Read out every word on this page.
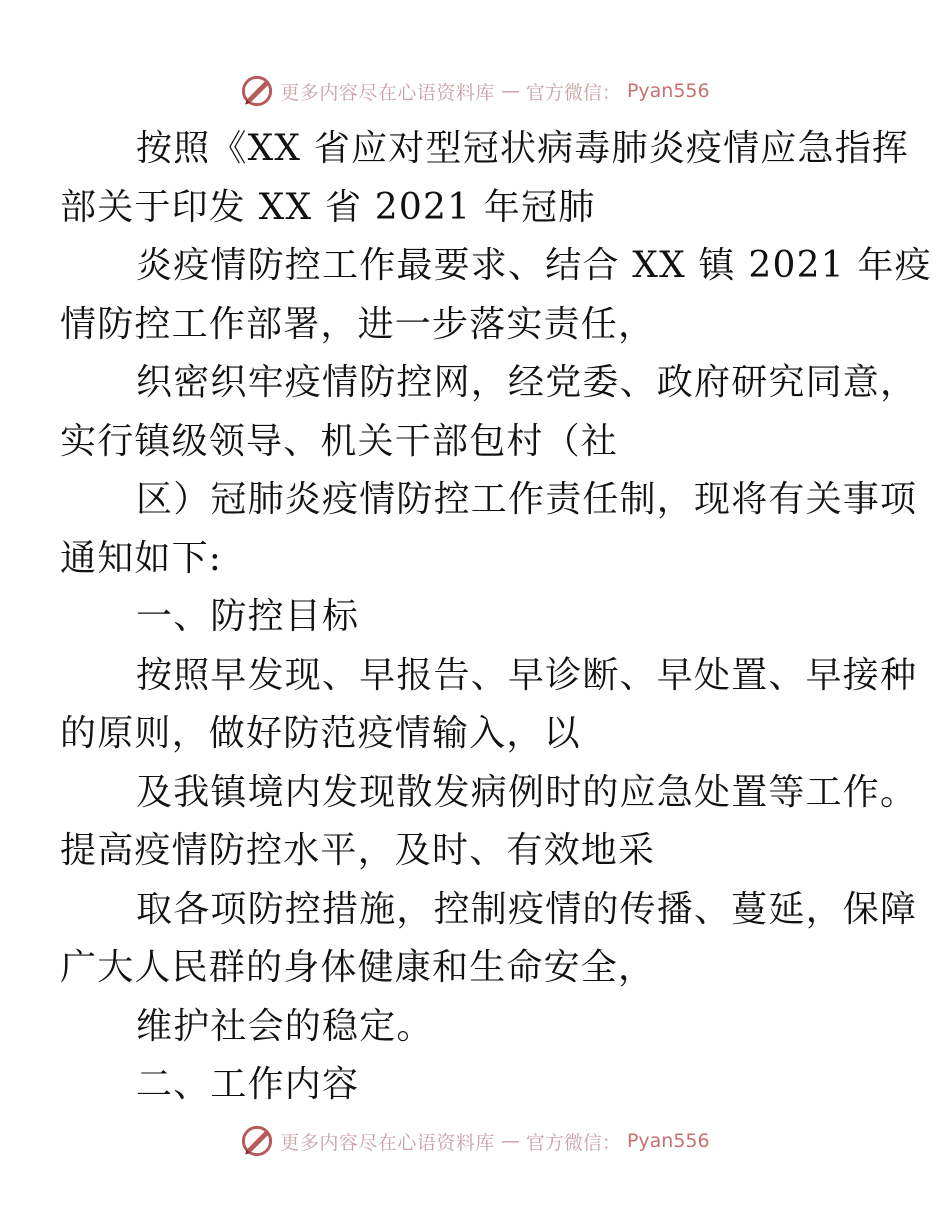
更多内容尽在心语资料库 — 官方微信： Pyan556

按照《XX 省应对型冠状病毒肺炎疫情应急指挥
部关于印发 XX 省 2021 年冠肺

炎疫情防控工作最要求、结合 XX 镇 2021 年疫
情防控工作部署，进一步落实责任，

织密织牢疫情防控网，经党委、政府研究同意，
实行镇级领导、机关干部包村（社

区）冠肺炎疫情防控工作责任制，现将有关事项
通知如下:

一、防控目标

按照早发现、早报告、早诊断、早处置、早接种
的原则，做好防范疫情输入，以

及我镇境内发现散发病例时的应急处置等工作。
提高疫情防控水平，及时、有效地采

取各项防控措施，控制疫情的传播、蔓延，保障
广大人民群的身体健康和生命安全，

维护社会的稳定。

二、工作内容

更多内容尽在心语资料库 — 官方微信： Pyan556
